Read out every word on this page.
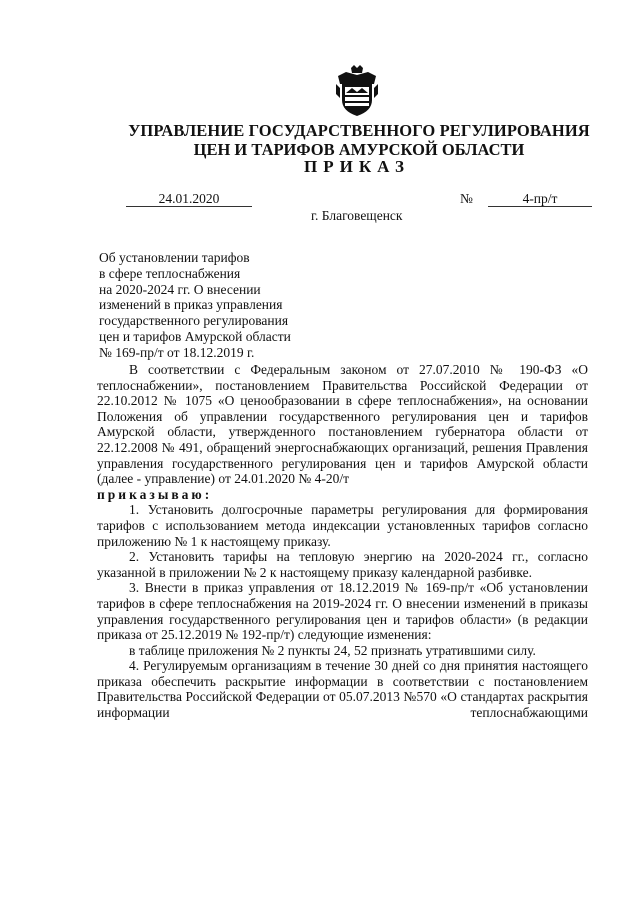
УПРАВЛЕНИЕ ГОСУДАРСТВЕННОГО РЕГУЛИРОВАНИЯ
ЦЕН И ТАРИФОВ АМУРСКОЙ ОБЛАСТИ
ПРИКАЗ
24.01.2020	№	4-пр/т
г. Благовещенск
Об установлении тарифов
в сфере теплоснабжения
на 2020-2024 гг. О внесении
изменений в приказ управления
государственного регулирования
цен и тарифов Амурской области
№ 169-пр/т от 18.12.2019 г.

В соответствии с Федеральным законом от 27.07.2010 № 190-ФЗ «О теплоснабжении», постановлением Правительства Российской Федерации от 22.10.2012 № 1075 «О ценообразовании в сфере теплоснабжения», на основании Положения об управлении государственного регулирования цен и тарифов Амурской области, утвержденного постановлением губернатора области от 22.12.2008 № 491, обращений энергоснабжающих организаций, решения Правления управления государственного регулирования цен и тарифов Амурской области (далее - управление) от 24.01.2020 № 4-20/т

приказываю:

1. Установить долгосрочные параметры регулирования для формирования тарифов с использованием метода индексации установленных тарифов согласно приложению № 1 к настоящему приказу.

2. Установить тарифы на тепловую энергию на 2020-2024 гг., согласно указанной в приложении № 2 к настоящему приказу календарной разбивке.

3. Внести в приказ управления от 18.12.2019 № 169-пр/т «Об установлении тарифов в сфере теплоснабжения на 2019-2024 гг. О внесении изменений в приказы управления государственного регулирования цен и тарифов области» (в редакции приказа от 25.12.2019 № 192-пр/т) следующие изменения:

в таблице приложения № 2 пункты 24, 52 признать утратившими силу.

4. Регулируемым организациям в течение 30 дней со дня принятия настоящего приказа обеспечить раскрытие информации в соответствии с постановлением Правительства Российской Федерации от 05.07.2013 №570 «О стандартах раскрытия информации теплоснабжающими
